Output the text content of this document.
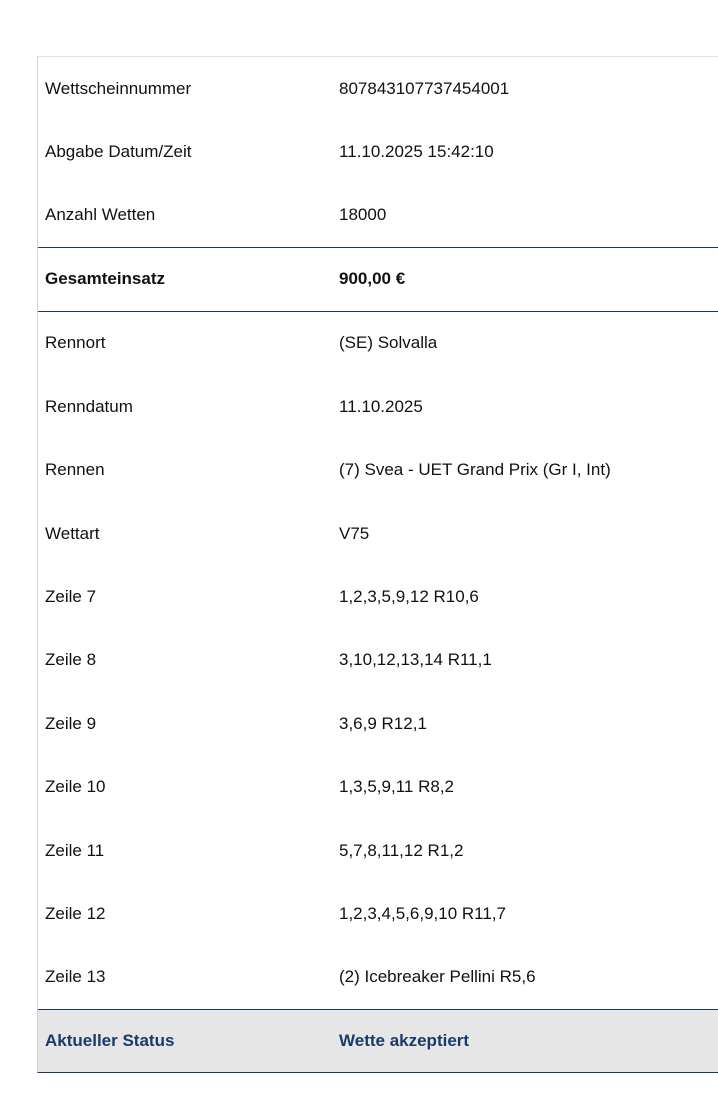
Wettscheinnummer	807843107737454001
Abgabe Datum/Zeit	11.10.2025 15:42:10
Anzahl Wetten	18000
Gesamteinsatz	900,00 €
Rennort	(SE) Solvalla
Renndatum	11.10.2025
Rennen	(7) Svea - UET Grand Prix (Gr I, Int)
Wettart	V75
Zeile 7	1,2,3,5,9,12 R10,6
Zeile 8	3,10,12,13,14 R11,1
Zeile 9	3,6,9 R12,1
Zeile 10	1,3,5,9,11 R8,2
Zeile 11	5,7,8,11,12 R1,2
Zeile 12	1,2,3,4,5,6,9,10 R11,7
Zeile 13	(2) Icebreaker Pellini R5,6
Aktueller Status	Wette akzeptiert
